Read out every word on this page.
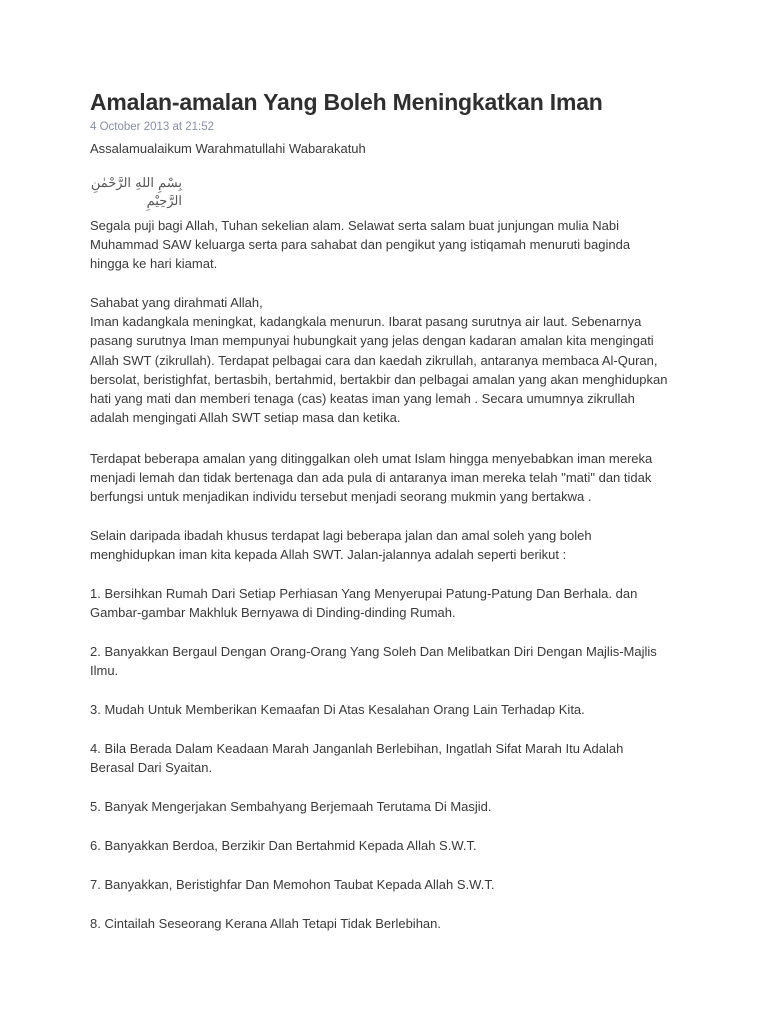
Amalan-amalan Yang Boleh Meningkatkan Iman
4 October 2013 at 21:52
Assalamualaikum Warahmatullahi Wabarakatuh
بِسْمِ اللهِ الرَّحْمٰنِ الرَّحِيْمِ

Segala puji bagi Allah, Tuhan sekelian alam. Selawat serta salam buat junjungan mulia Nabi
Muhammad SAW keluarga serta para sahabat dan pengikut yang istiqamah menuruti baginda
hingga ke hari kiamat.

Sahabat yang dirahmati Allah,
Iman kadangkala meningkat, kadangkala menurun. Ibarat pasang surutnya air laut. Sebenarnya
pasang surutnya Iman mempunyai hubungkait yang jelas dengan kadaran amalan kita mengingati
Allah SWT (zikrullah). Terdapat pelbagai cara dan kaedah zikrullah, antaranya membaca Al-Quran,
bersolat, beristighfat, bertasbih, bertahmid, bertakbir dan pelbagai amalan yang akan menghidupkan
hati yang mati dan memberi tenaga (cas) keatas iman yang lemah . Secara umumnya zikrullah
adalah mengingati Allah SWT setiap masa dan ketika.

Terdapat beberapa amalan yang ditinggalkan oleh umat Islam hingga menyebabkan iman mereka
menjadi lemah dan tidak bertenaga dan ada pula di antaranya iman mereka telah "mati" dan tidak
berfungsi untuk menjadikan individu tersebut menjadi seorang mukmin yang bertakwa .

Selain daripada ibadah khusus terdapat lagi beberapa jalan dan amal soleh yang boleh
menghidupkan iman kita kepada Allah SWT. Jalan-jalannya adalah seperti berikut :

1. Bersihkan Rumah Dari Setiap Perhiasan Yang Menyerupai Patung-Patung Dan Berhala. dan
Gambar-gambar Makhluk Bernyawa di Dinding-dinding Rumah.

2. Banyakkan Bergaul Dengan Orang-Orang Yang Soleh Dan Melibatkan Diri Dengan Majlis-Majlis
Ilmu.

3. Mudah Untuk Memberikan Kemaafan Di Atas Kesalahan Orang Lain Terhadap Kita.

4. Bila Berada Dalam Keadaan Marah Janganlah Berlebihan, Ingatlah Sifat Marah Itu Adalah
Berasal Dari Syaitan.

5. Banyak Mengerjakan Sembahyang Berjemaah Terutama Di Masjid.

6. Banyakkan Berdoa, Berzikir Dan Bertahmid Kepada Allah S.W.T.

7. Banyakkan, Beristighfar Dan Memohon Taubat Kepada Allah S.W.T.

8. Cintailah Seseorang Kerana Allah Tetapi Tidak Berlebihan.
